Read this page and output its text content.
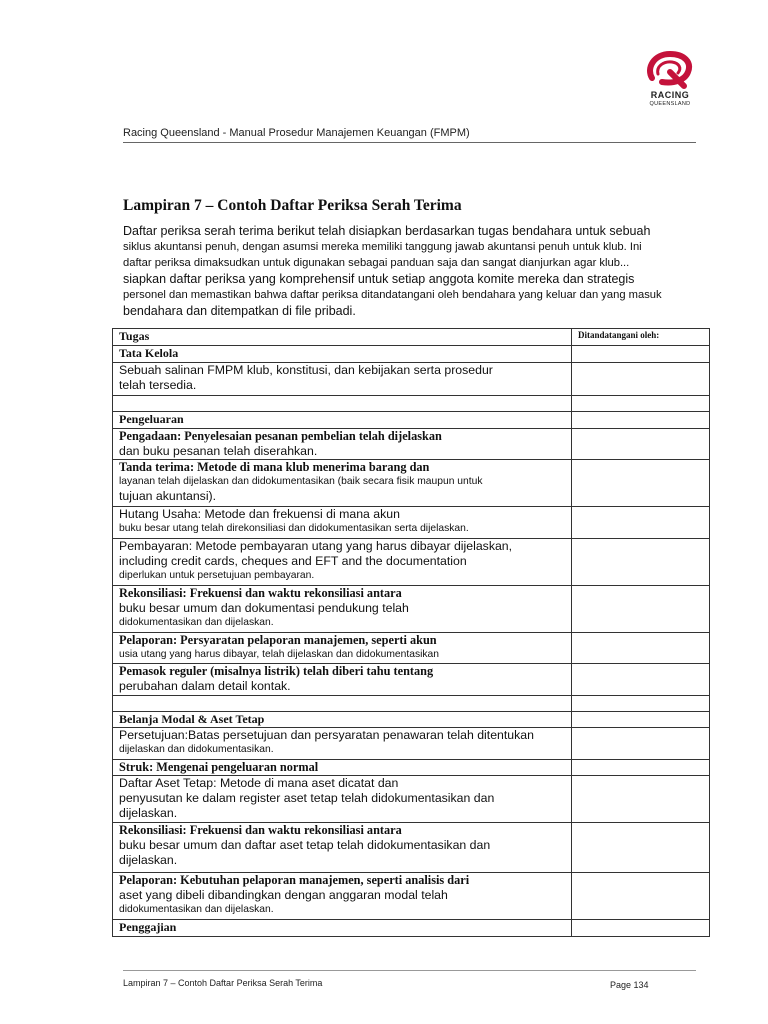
RACING
QUEENSLAND
Racing Queensland - Manual Prosedur Manajemen Keuangan (FMPM)
Lampiran 7 – Contoh Daftar Periksa Serah Terima
Daftar periksa serah terima berikut telah disiapkan berdasarkan tugas bendahara untuk sebuah
siklus akuntansi penuh, dengan asumsi mereka memiliki tanggung jawab akuntansi penuh untuk klub. Ini
daftar periksa dimaksudkan untuk digunakan sebagai panduan saja dan sangat dianjurkan agar klub...
siapkan daftar periksa yang komprehensif untuk setiap anggota komite mereka dan strategis
personel dan memastikan bahwa daftar periksa ditandatangani oleh bendahara yang keluar dan yang masuk
bendahara dan ditempatkan di file pribadi.
Tugas	Ditandatangani oleh:

Tata Kelola	

Sebuah salinan FMPM klub, konstitusi, dan kebijakan serta prosedur
telah tersedia.	

Pengeluaran	

Pengadaan: Penyelesaian pesanan pembelian telah dijelaskan
dan buku pesanan telah diserahkan.	

Tanda terima: Metode di mana klub menerima barang dan
layanan telah dijelaskan dan didokumentasikan (baik secara fisik maupun untuk
tujuan akuntansi).	

Hutang Usaha: Metode dan frekuensi di mana akun
buku besar utang telah direkonsiliasi dan didokumentasikan serta dijelaskan.	

Pembayaran: Metode pembayaran utang yang harus dibayar dijelaskan,
including credit cards, cheques and EFT and the documentation
diperlukan untuk persetujuan pembayaran.	

Rekonsiliasi: Frekuensi dan waktu rekonsiliasi antara
buku besar umum dan dokumentasi pendukung telah
didokumentasikan dan dijelaskan.	

Pelaporan: Persyaratan pelaporan manajemen, seperti akun
usia utang yang harus dibayar, telah dijelaskan dan didokumentasikan	

Pemasok reguler (misalnya listrik) telah diberi tahu tentang
perubahan dalam detail kontak.	

Belanja Modal & Aset Tetap	

Persetujuan:Batas persetujuan dan persyaratan penawaran telah ditentukan
dijelaskan dan didokumentasikan.	

Struk: Mengenai pengeluaran normal	

Daftar Aset Tetap: Metode di mana aset dicatat dan
penyusutan ke dalam register aset tetap telah didokumentasikan dan
dijelaskan.	

Rekonsiliasi: Frekuensi dan waktu rekonsiliasi antara
buku besar umum dan daftar aset tetap telah didokumentasikan dan
dijelaskan.	

Pelaporan: Kebutuhan pelaporan manajemen, seperti analisis dari
aset yang dibeli dibandingkan dengan anggaran modal telah
didokumentasikan dan dijelaskan.	

Penggajian	

Lampiran 7 – Contoh Daftar Periksa Serah Terima	Page 134
